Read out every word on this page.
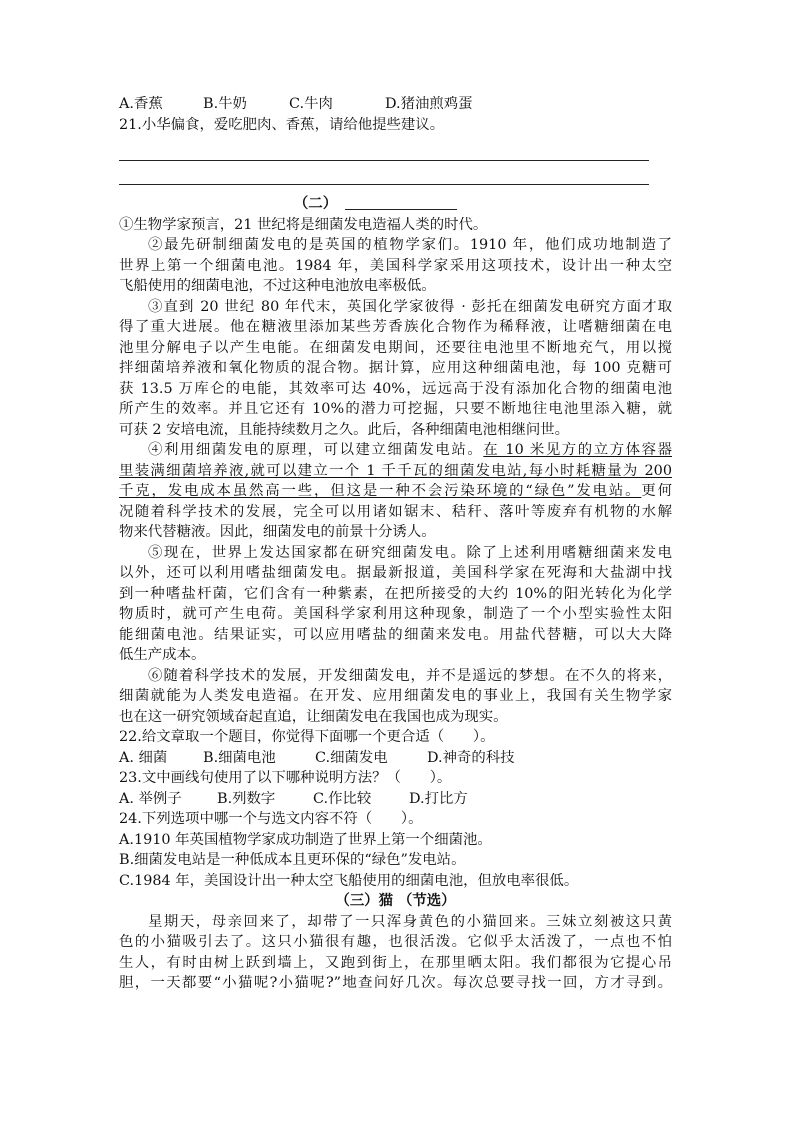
A.香蕉	B.牛奶	C.牛肉	D.猪油煎鸡蛋
21.小华偏食，爱吃肥肉、香蕉，请给他提些建议。
（二）
①生物学家预言，21 世纪将是细菌发电造福人类的时代。
②最先研制细菌发电的是英国的植物学家们。1910 年，他们成功地制造了
世界上第一个细菌电池。1984 年，美国科学家采用这项技术，设计出一种太空
飞船使用的细菌电池，不过这种电池放电率极低。
③直到 20 世纪 80 年代末，英国化学家彼得 · 彭托在细菌发电研究方面才取
得了重大进展。他在糖液里添加某些芳香族化合物作为稀释液，让嗜糖细菌在电
池里分解电子以产生电能。在细菌发电期间，还要往电池里不断地充气，用以搅
拌细菌培养液和氧化物质的混合物。据计算，应用这种细菌电池，每 100 克糖可
获 13.5 万库仑的电能，其效率可达 40%，远远高于没有添加化合物的细菌电池
所产生的效率。并且它还有 10%的潜力可挖掘，只要不断地往电池里添入糖，就
可获 2 安培电流，且能持续数月之久。此后，各种细菌电池相继问世。
④利用细菌发电的原理，可以建立细菌发电站。在 10 米见方的立方体容器
里装满细菌培养液,就可以建立一个 1 千千瓦的细菌发电站,每小时耗糖量为 200
千克，发电成本虽然高一些，但这是一种不会污染环境的“绿色”发电站。更何
况随着科学技术的发展，完全可以用诸如锯末、秸秆、落叶等废弃有机物的水解
物来代替糖液。因此，细菌发电的前景十分诱人。
⑤现在，世界上发达国家都在研究细菌发电。除了上述利用嗜糖细菌来发电
以外，还可以利用嗜盐细菌发电。据最新报道，美国科学家在死海和大盐湖中找
到一种嗜盐杆菌，它们含有一种紫素，在把所接受的大约 10%的阳光转化为化学
物质时，就可产生电荷。美国科学家利用这种现象，制造了一个小型实验性太阳
能细菌电池。结果证实，可以应用嗜盐的细菌来发电。用盐代替糖，可以大大降
低生产成本。
⑥随着科学技术的发展，开发细菌发电，并不是遥远的梦想。在不久的将来，
细菌就能为人类发电造福。在开发、应用细菌发电的事业上，我国有关生物学家
也在这一研究领域奋起直追，让细菌发电在我国也成为现实。
22.给文章取一个题目，你觉得下面哪一个更合适（　　）。
A. 细菌 B.细菌电池	C.细菌发电	D.神奇的科技
23.文中画线句使用了以下哪种说明方法？（　　）。
A. 举例子 B.列数字	C.作比较	D.打比方
24.下列选项中哪一个与选文内容不符（　　）。
A.1910 年英国植物学家成功制造了世界上第一个细菌池。
B.细菌发电站是一种低成本且更环保的“绿色”发电站。
C.1984 年，美国设计出一种太空飞船使用的细菌电池，但放电率很低。
（三）猫 （节选）
星期天，母亲回来了，却带了一只浑身黄色的小猫回来。三妹立刻被这只黄
色的小猫吸引去了。这只小猫很有趣，也很活泼。它似乎太活泼了，一点也不怕
生人，有时由树上跃到墙上，又跑到街上，在那里晒太阳。我们都很为它提心吊
胆，一天都要“小猫呢?小猫呢?”地查问好几次。每次总要寻找一回，方才寻到。
